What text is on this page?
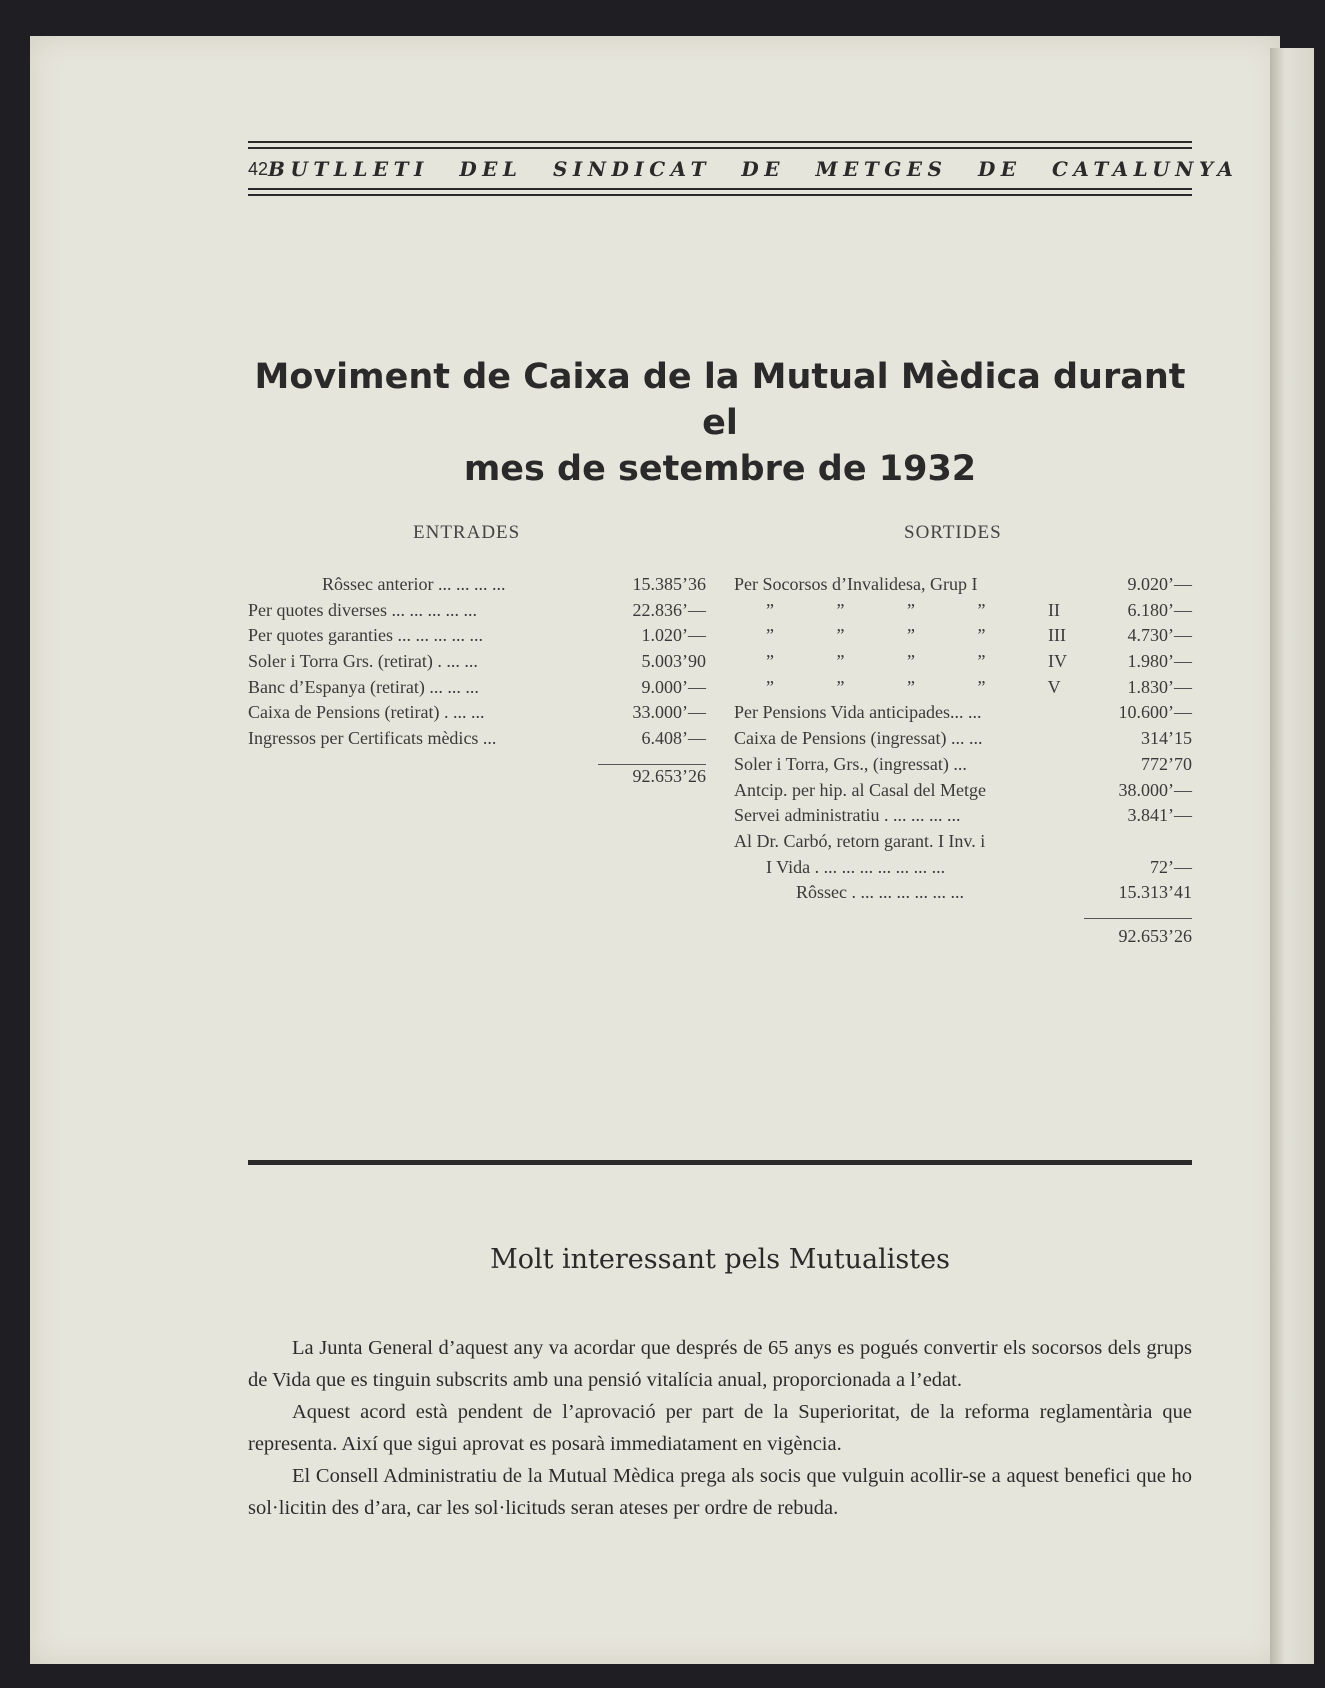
42 BUTLLETI DEL SINDICAT DE METGES DE CATALUNYA
Moviment de Caixa de la Mutual Mèdica durant el
mes de setembre de 1932
ENTRADES	SORTIDES
Rôssec anterior ... ... ... ...	15.385’36
Per quotes diverses ... ... ... ... ...	22.836’—
Per quotes garanties ... ... ... ... ...	1.020’—
Soler i Torra Grs. (retirat) . ... ...	5.003’90
Banc d’Espanya (retirat) ... ... ...	9.000’—
Caixa de Pensions (retirat) . ... ...	33.000’—
Ingressos per Certificats mèdics ...	6.408’—
92.653’26
Per Socorsos d’Invalidesa, Grup I	9.020’—
” ” ” ” II	6.180’—
” ” ” ” III	4.730’—
” ” ” ” IV	1.980’—
” ” ” ” V	1.830’—
Per Pensions Vida anticipades... ...	10.600’—
Caixa de Pensions (ingressat) ... ...	314’15
Soler i Torra, Grs., (ingressat) ...	772’70
Antcip. per hip. al Casal del Metge	38.000’—
Servei administratiu . ... ... ... ...	3.841’—
Al Dr. Carbó, retorn garant. I Inv. i
I Vida . ... ... ... ... ... ... ...	72’—
Rôssec . ... ... ... ... ... ...	15.313’41
92.653’26
Molt interessant pels Mutualistes

La Junta General d’aquest any va acordar que després de 65 anys es pogués convertir els socorsos dels grups de Vida que es tinguin subscrits amb una pensió vitalícia anual, proporcionada a l’edat.

Aquest acord està pendent de l’aprovació per part de la Superioritat, de la reforma reglamentària que representa. Així que sigui aprovat es posarà immediatament en vigència.

El Consell Administratiu de la Mutual Mèdica prega als socis que vulguin acollir-se a aquest benefici que ho sol·licitin des d’ara, car les sol·licituds seran ateses per ordre de rebuda.
